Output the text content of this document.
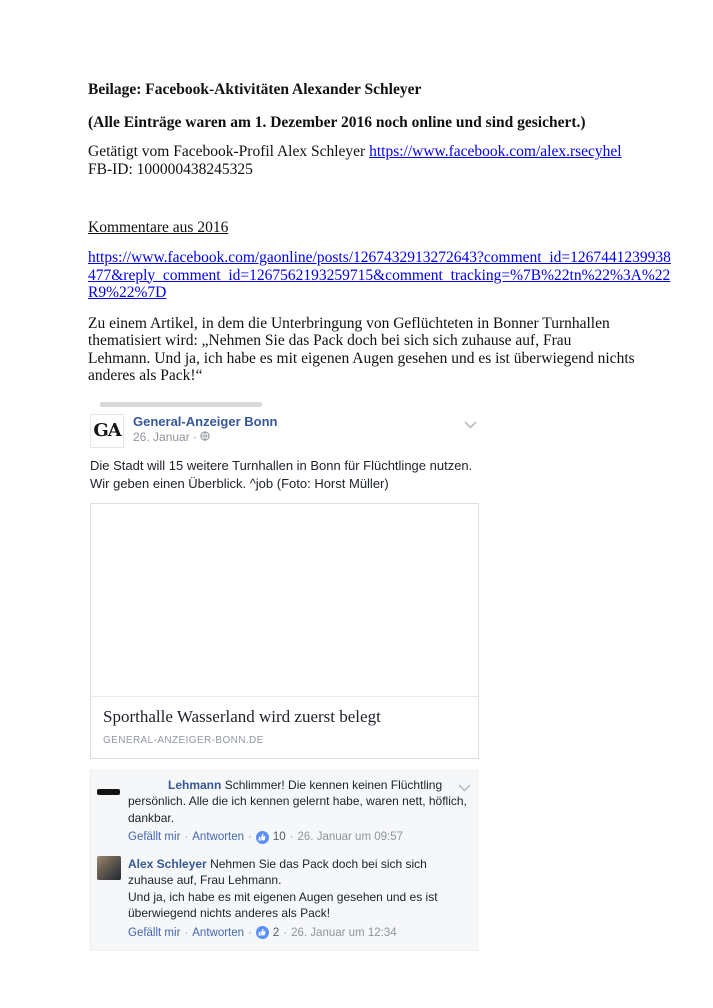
Beilage: Facebook-Aktivitäten Alexander Schleyer

(Alle Einträge waren am 1. Dezember 2016 noch online und sind gesichert.)

Getätigt vom Facebook-Profil Alex Schleyer https://www.facebook.com/alex.rsecyhel

FB-ID: 100000438245325

Kommentare aus 2016

https://www.facebook.com/gaonline/posts/1267432913272643?comment_id=1267441239938
477&reply_comment_id=1267562193259715&comment_tracking=%7B%22tn%22%3A%22
R9%22%7D

Zu einem Artikel, in dem die Unterbringung von Geflüchteten in Bonner Turnhallen thematisiert wird: „Nehmen Sie das Pack doch bei sich sich zuhause auf, Frau Lehmann. Und ja, ich habe es mit eigenen Augen gesehen und es ist überwiegend nichts anderes als Pack!“

GA General-Anzeiger Bonn
26. Januar ·
Die Stadt will 15 weitere Turnhallen in Bonn für Flüchtlinge nutzen. Wir geben einen Überblick. ^job (Foto: Horst Müller)
Sporthalle Wasserland wird zuerst belegt
GENERAL-ANZEIGER-BONN.DE
Lehmann Schlimmer! Die kennen keinen Flüchtling persönlich. Alle die ich kennen gelernt habe, waren nett, höflich, dankbar.
Gefällt mir · Antworten · 10 · 26. Januar um 09:57
Alex Schleyer Nehmen Sie das Pack doch bei sich sich zuhause auf, Frau Lehmann.
Und ja, ich habe es mit eigenen Augen gesehen und es ist überwiegend nichts anderes als Pack!
Gefällt mir · Antworten · 2 · 26. Januar um 12:34
